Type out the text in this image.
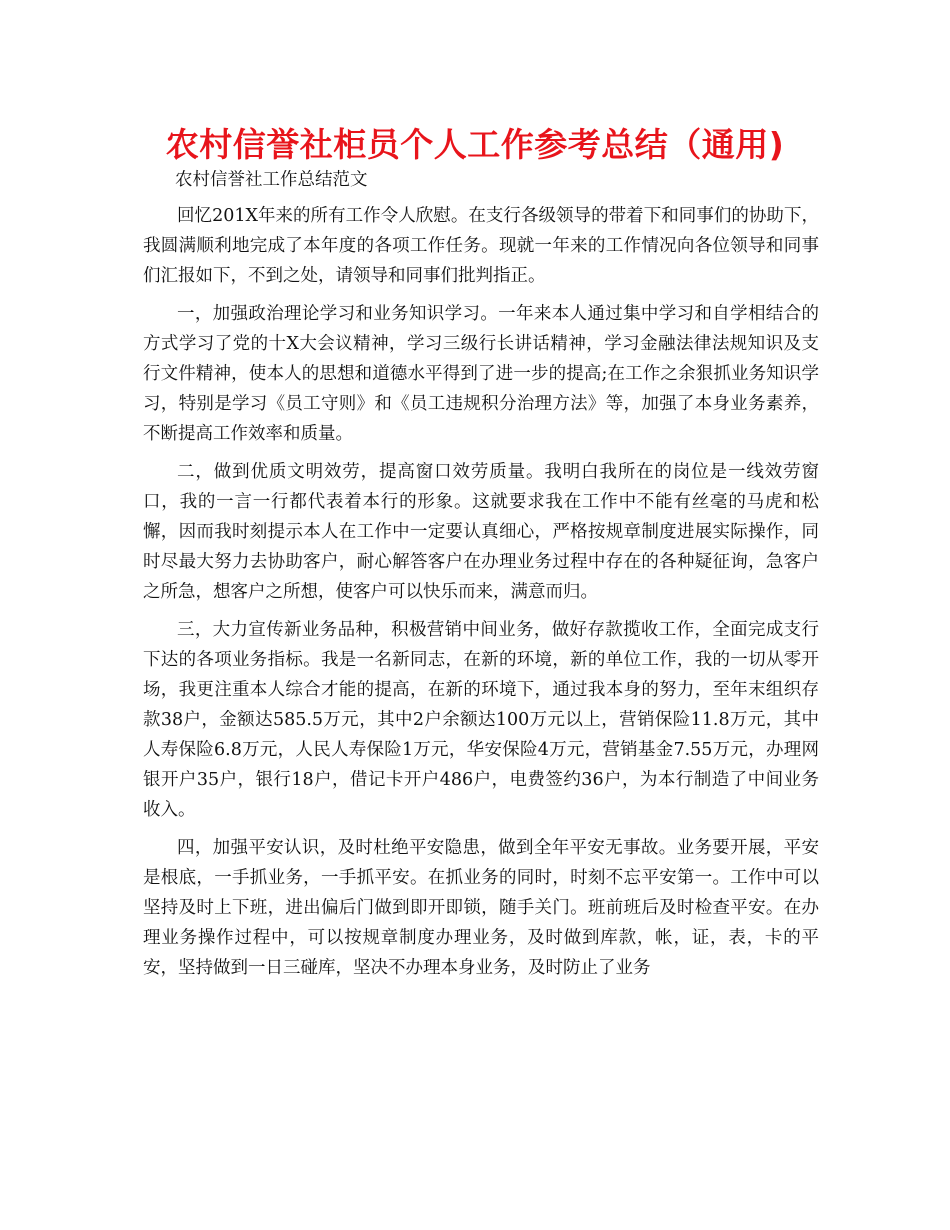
农村信誉社柜员个人工作参考总结（通用)
农村信誉社工作总结范文

回忆201X年来的所有工作令人欣慰。在支行各级领导的带着下和同事们的协助下，我圆满顺利地完成了本年度的各项工作任务。现就一年来的工作情况向各位领导和同事们汇报如下，不到之处，请领导和同事们批判指正。

一，加强政治理论学习和业务知识学习。一年来本人通过集中学习和自学相结合的方式学习了党的十X大会议精神，学习三级行长讲话精神，学习金融法律法规知识及支行文件精神，使本人的思想和道德水平得到了进一步的提高;在工作之余狠抓业务知识学习，特别是学习《员工守则》和《员工违规积分治理方法》等，加强了本身业务素养，不断提高工作效率和质量。

二，做到优质文明效劳，提高窗口效劳质量。我明白我所在的岗位是一线效劳窗口，我的一言一行都代表着本行的形象。这就要求我在工作中不能有丝毫的马虎和松懈，因而我时刻提示本人在工作中一定要认真细心，严格按规章制度进展实际操作，同时尽最大努力去协助客户，耐心解答客户在办理业务过程中存在的各种疑征询，急客户之所急，想客户之所想，使客户可以快乐而来，满意而归。

三，大力宣传新业务品种，积极营销中间业务，做好存款揽收工作，全面完成支行下达的各项业务指标。我是一名新同志，在新的环境，新的单位工作，我的一切从零开场，我更注重本人综合才能的提高，在新的环境下，通过我本身的努力，至年末组织存款38户，金额达585.5万元，其中2户余额达100万元以上，营销保险11.8万元，其中人寿保险6.8万元，人民人寿保险1万元，华安保险4万元，营销基金7.55万元，办理网银开户35户，银行18户，借记卡开户486户，电费签约36户，为本行制造了中间业务收入。

四，加强平安认识，及时杜绝平安隐患，做到全年平安无事故。业务要开展，平安是根底，一手抓业务，一手抓平安。在抓业务的同时，时刻不忘平安第一。工作中可以坚持及时上下班，进出偏后门做到即开即锁，随手关门。班前班后及时检查平安。在办理业务操作过程中，可以按规章制度办理业务，及时做到库款，帐，证，表，卡的平安，坚持做到一日三碰库，坚决不办理本身业务，及时防止了业务
